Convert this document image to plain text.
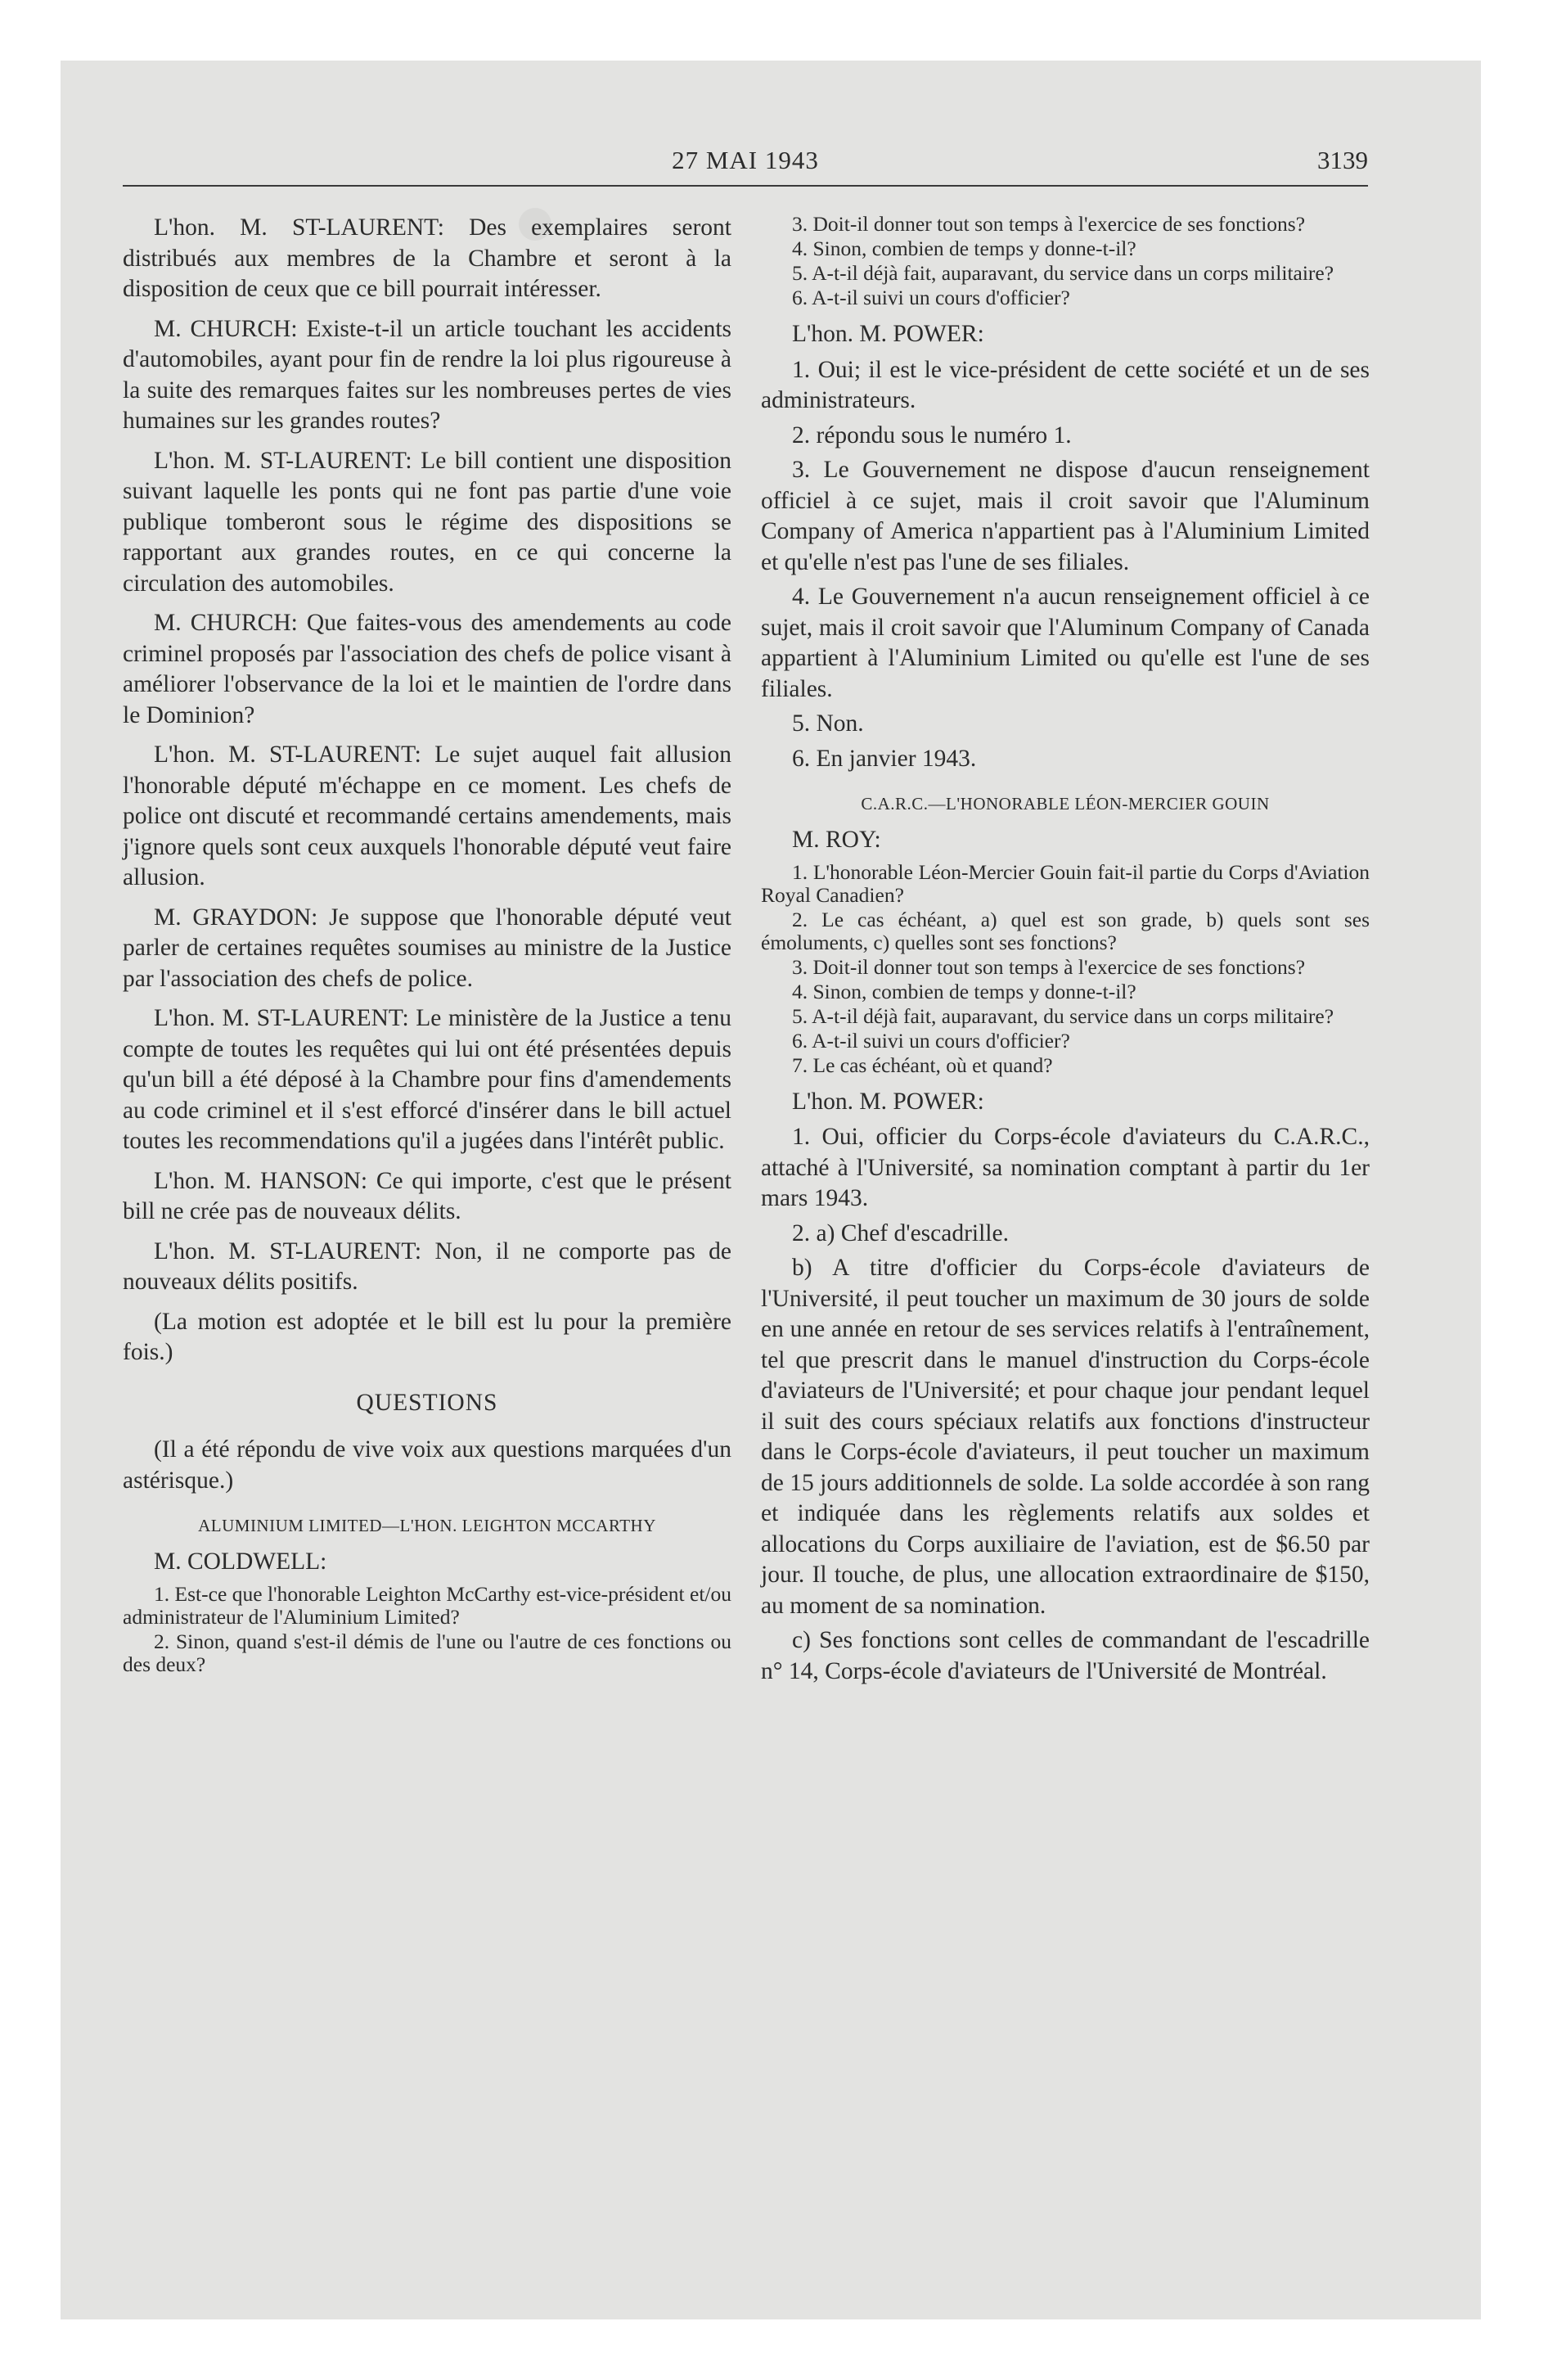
27 MAI 1943	3139

L'hon. M. ST-LAURENT: Des exemplaires seront distribués aux membres de la Chambre et seront à la disposition de ceux que ce bill pourrait intéresser.

M. CHURCH: Existe-t-il un article touchant les accidents d'automobiles, ayant pour fin de rendre la loi plus rigoureuse à la suite des remarques faites sur les nombreuses pertes de vies humaines sur les grandes routes?

L'hon. M. ST-LAURENT: Le bill contient une disposition suivant laquelle les ponts qui ne font pas partie d'une voie publique tomberont sous le régime des dispositions se rapportant aux grandes routes, en ce qui concerne la circulation des automobiles.

M. CHURCH: Que faites-vous des amendements au code criminel proposés par l'association des chefs de police visant à améliorer l'observance de la loi et le maintien de l'ordre dans le Dominion?

L'hon. M. ST-LAURENT: Le sujet auquel fait allusion l'honorable député m'échappe en ce moment. Les chefs de police ont discuté et recommandé certains amendements, mais j'ignore quels sont ceux auxquels l'honorable député veut faire allusion.

M. GRAYDON: Je suppose que l'honorable député veut parler de certaines requêtes soumises au ministre de la Justice par l'association des chefs de police.

L'hon. M. ST-LAURENT: Le ministère de la Justice a tenu compte de toutes les requêtes qui lui ont été présentées depuis qu'un bill a été déposé à la Chambre pour fins d'amendements au code criminel et il s'est efforcé d'insérer dans le bill actuel toutes les recommendations qu'il a jugées dans l'intérêt public.

L'hon. M. HANSON: Ce qui importe, c'est que le présent bill ne crée pas de nouveaux délits.

L'hon. M. ST-LAURENT: Non, il ne comporte pas de nouveaux délits positifs.

(La motion est adoptée et le bill est lu pour la première fois.)

QUESTIONS

(Il a été répondu de vive voix aux questions marquées d'un astérisque.)

ALUMINIUM LIMITED—L'HON. LEIGHTON MCCARTHY

M. COLDWELL:

1. Est-ce que l'honorable Leighton McCarthy est-vice-président et/ou administrateur de l'Aluminium Limited?

2. Sinon, quand s'est-il démis de l'une ou l'autre de ces fonctions ou des deux?

3. Doit-il donner tout son temps à l'exercice de ses fonctions?

4. Sinon, combien de temps y donne-t-il?

5. A-t-il déjà fait, auparavant, du service dans un corps militaire?

6. A-t-il suivi un cours d'officier?

L'hon. M. POWER:

1. Oui; il est le vice-président de cette société et un de ses administrateurs.

2. répondu sous le numéro 1.

3. Le Gouvernement ne dispose d'aucun renseignement officiel à ce sujet, mais il croit savoir que l'Aluminum Company of America n'appartient pas à l'Aluminium Limited et qu'elle n'est pas l'une de ses filiales.

4. Le Gouvernement n'a aucun renseignement officiel à ce sujet, mais il croit savoir que l'Aluminum Company of Canada appartient à l'Aluminium Limited ou qu'elle est l'une de ses filiales.

5. Non.

6. En janvier 1943.

C.A.R.C.—L'HONORABLE LÉON-MERCIER GOUIN

M. ROY:

1. L'honorable Léon-Mercier Gouin fait-il partie du Corps d'Aviation Royal Canadien?

2. Le cas échéant, a) quel est son grade, b) quels sont ses émoluments, c) quelles sont ses fonctions?

3. Doit-il donner tout son temps à l'exercice de ses fonctions?

4. Sinon, combien de temps y donne-t-il?

5. A-t-il déjà fait, auparavant, du service dans un corps militaire?

6. A-t-il suivi un cours d'officier?

7. Le cas échéant, où et quand?

L'hon. M. POWER:

1. Oui, officier du Corps-école d'aviateurs du C.A.R.C., attaché à l'Université, sa nomination comptant à partir du 1er mars 1943.

2. a) Chef d'escadrille.

b) A titre d'officier du Corps-école d'aviateurs de l'Université, il peut toucher un maximum de 30 jours de solde en une année en retour de ses services relatifs à l'entraînement, tel que prescrit dans le manuel d'instruction du Corps-école d'aviateurs de l'Université; et pour chaque jour pendant lequel il suit des cours spéciaux relatifs aux fonctions d'instructeur dans le Corps-école d'aviateurs, il peut toucher un maximum de 15 jours additionnels de solde. La solde accordée à son rang et indiquée dans les règlements relatifs aux soldes et allocations du Corps auxiliaire de l'aviation, est de $6.50 par jour. Il touche, de plus, une allocation extraordinaire de $150, au moment de sa nomination.

c) Ses fonctions sont celles de commandant de l'escadrille n° 14, Corps-école d'aviateurs de l'Université de Montréal.
